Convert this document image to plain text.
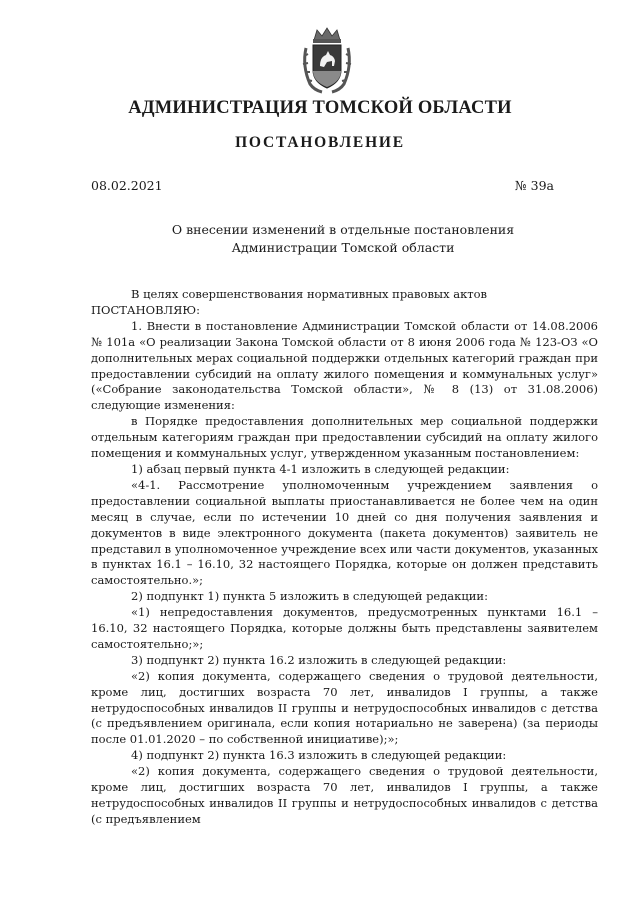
АДМИНИСТРАЦИЯ ТОМСКОЙ ОБЛАСТИ
ПОСТАНОВЛЕНИЕ
08.02.2021	№ 39а
О внесении изменений в отдельные постановления
Администрации Томской области

В целях совершенствования нормативных правовых актов

ПОСТАНОВЛЯЮ:

1. Внести в постановление Администрации Томской области от 14.08.2006 № 101а «О реализации Закона Томской области от 8 июня 2006 года № 123-ОЗ «О дополнительных мерах социальной поддержки отдельных категорий граждан при предоставлении субсидий на оплату жилого помещения и коммунальных услуг» («Собрание законодательства Томской области», № 8 (13) от 31.08.2006) следующие изменения:

в Порядке предоставления дополнительных мер социальной поддержки отдельным категориям граждан при предоставлении субсидий на оплату жилого помещения и коммунальных услуг, утвержденном указанным постановлением:

1) абзац первый пункта 4-1 изложить в следующей редакции:

«4-1. Рассмотрение уполномоченным учреждением заявления о предоставлении социальной выплаты приостанавливается не более чем на один месяц в случае, если по истечении 10 дней со дня получения заявления и документов в виде электронного документа (пакета документов) заявитель не представил в уполномоченное учреждение всех или части документов, указанных в пунктах 16.1 – 16.10, 32 настоящего Порядка, которые он должен представить самостоятельно.»;

2) подпункт 1) пункта 5 изложить в следующей редакции:

«1) непредоставления документов, предусмотренных пунктами 16.1 – 16.10, 32 настоящего Порядка, которые должны быть представлены заявителем самостоятельно;»;

3) подпункт 2) пункта 16.2 изложить в следующей редакции:

«2) копия документа, содержащего сведения о трудовой деятельности, кроме лиц, достигших возраста 70 лет, инвалидов I группы, а также нетрудоспособных инвалидов II группы и нетрудоспособных инвалидов с детства (с предъявлением оригинала, если копия нотариально не заверена) (за периоды после 01.01.2020 – по собственной инициативе);»;

4) подпункт 2) пункта 16.3 изложить в следующей редакции:

«2) копия документа, содержащего сведения о трудовой деятельности, кроме лиц, достигших возраста 70 лет, инвалидов I группы, а также нетрудоспособных инвалидов II группы и нетрудоспособных инвалидов с детства (с предъявлением
